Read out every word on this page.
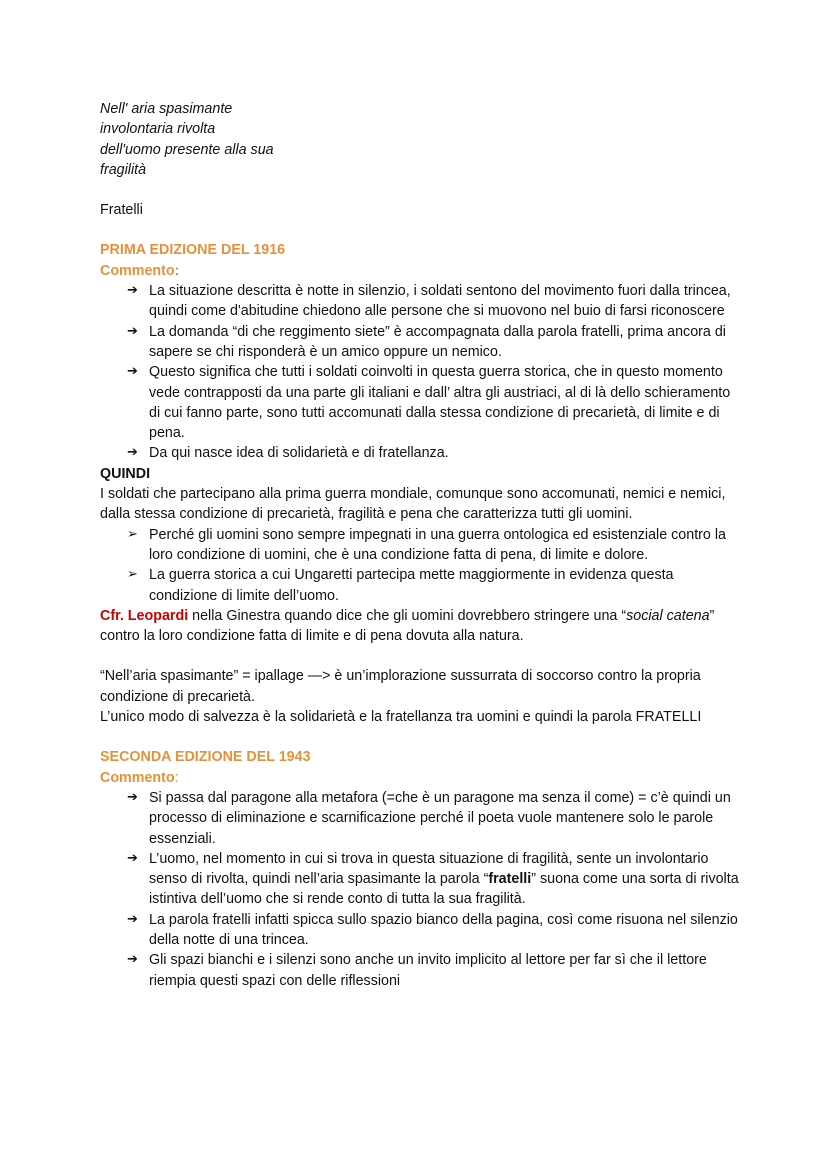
Nell' aria spasimante

involontaria rivolta

dell'uomo presente alla sua

fragilità

Fratelli

PRIMA EDIZIONE DEL 1916

Commento:

➔ La situazione descritta è notte in silenzio, i soldati sentono del movimento fuori dalla trincea, quindi come d'abitudine chiedono alle persone che si muovono nel buio di farsi riconoscere
➔ La domanda “di che reggimento siete” è accompagnata dalla parola fratelli, prima ancora di sapere se chi risponderà è un amico oppure un nemico.
➔ Questo significa che tutti i soldati coinvolti in questa guerra storica, che in questo momento vede contrapposti da una parte gli italiani e dall’ altra gli austriaci, al di là dello schieramento di cui fanno parte, sono tutti accomunati dalla stessa condizione di precarietà, di limite e di pena.
➔ Da qui nasce idea di solidarietà e di fratellanza.

QUINDI

I soldati che partecipano alla prima guerra mondiale, comunque sono accomunati, nemici e nemici, dalla stessa condizione di precarietà, fragilità e pena che caratterizza tutti gli uomini.

➢ Perché gli uomini sono sempre impegnati in una guerra ontologica ed esistenziale contro la loro condizione di uomini, che è una condizione fatta di pena, di limite e dolore.
➢ La guerra storica a cui Ungaretti partecipa mette maggiormente in evidenza questa condizione di limite dell’uomo.

Cfr. Leopardi nella Ginestra quando dice che gli uomini dovrebbero stringere una “social catena” contro la loro condizione fatta di limite e di pena dovuta alla natura.

“Nell’aria spasimante” = ipallage —> è un’implorazione sussurrata di soccorso contro la propria condizione di precarietà.

L’unico modo di salvezza è la solidarietà e la fratellanza tra uomini e quindi la parola FRATELLI

SECONDA EDIZIONE DEL 1943

Commento:

➔ Si passa dal paragone alla metafora (=che è un paragone ma senza il come) = c’è quindi un processo di eliminazione e scarnificazione perché il poeta vuole mantenere solo le parole essenziali.
➔ L’uomo, nel momento in cui si trova in questa situazione di fragilità, sente un involontario senso di rivolta, quindi nell’aria spasimante la parola “fratelli” suona come una sorta di rivolta istintiva dell’uomo che si rende conto di tutta la sua fragilità.
➔ La parola fratelli infatti spicca sullo spazio bianco della pagina, così come risuona nel silenzio della notte di una trincea.
➔ Gli spazi bianchi e i silenzi sono anche un invito implicito al lettore per far sì che il lettore riempia questi spazi con delle riflessioni
